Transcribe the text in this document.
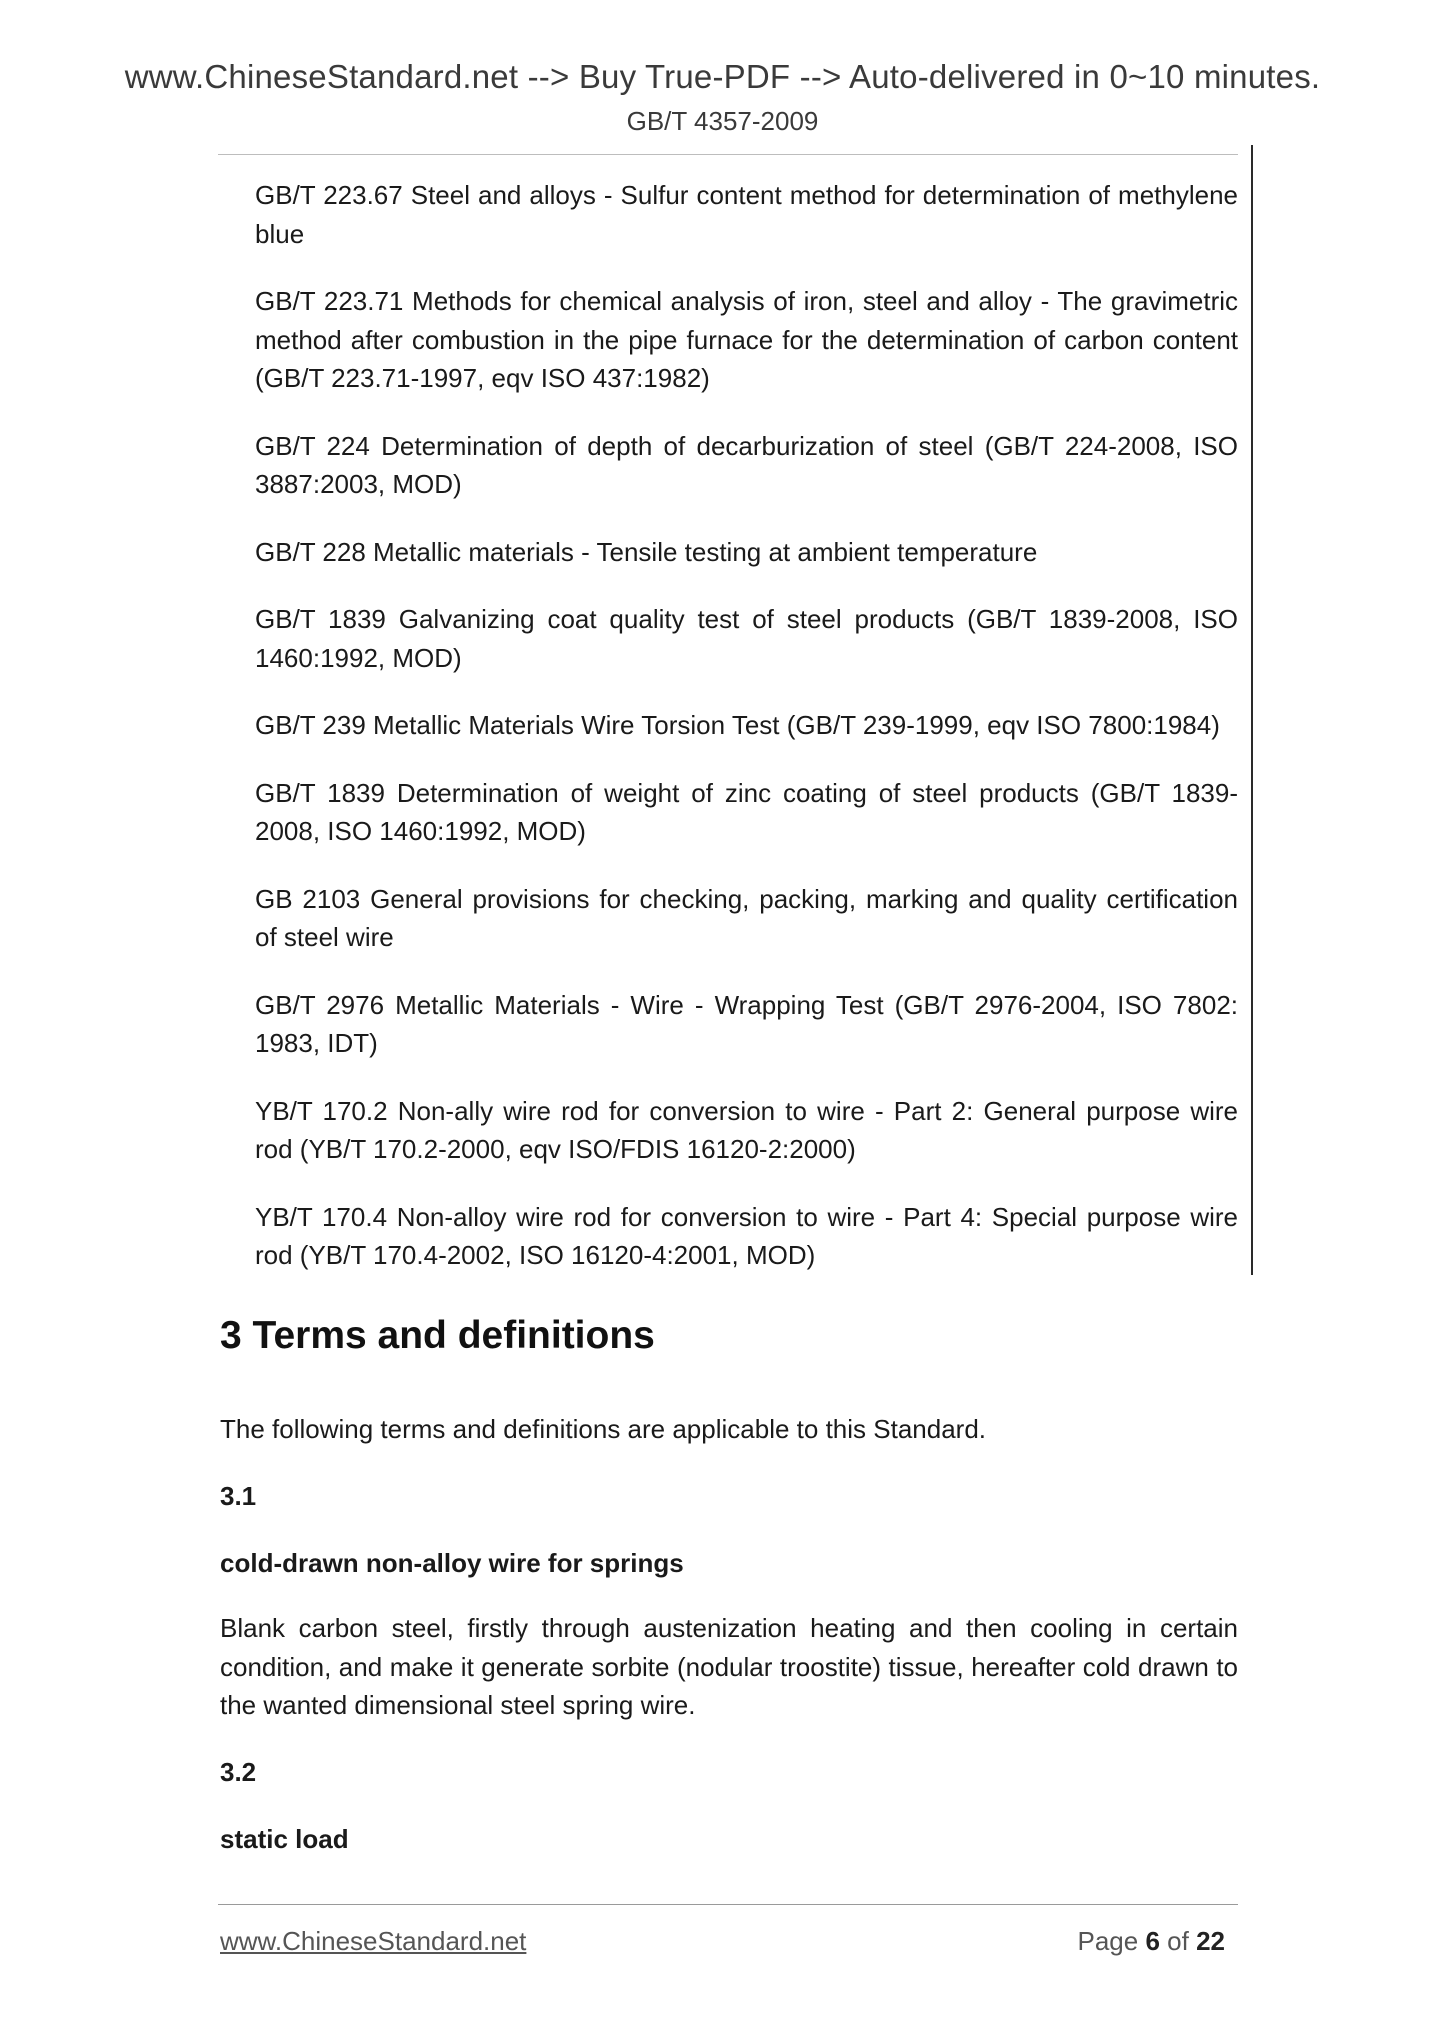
www.ChineseStandard.net --> Buy True-PDF --> Auto-delivered in 0~10 minutes.
GB/T 4357-2009

GB/T 223.67 Steel and alloys - Sulfur content method for determination of methylene blue

GB/T 223.71 Methods for chemical analysis of iron, steel and alloy - The gravimetric method after combustion in the pipe furnace for the determination of carbon content (GB/T 223.71-1997, eqv ISO 437:1982)

GB/T 224 Determination of depth of decarburization of steel (GB/T 224-2008, ISO 3887:2003, MOD)

GB/T 228 Metallic materials - Tensile testing at ambient temperature

GB/T 1839 Galvanizing coat quality test of steel products (GB/T 1839-2008, ISO 1460:1992, MOD)

GB/T 239 Metallic Materials Wire Torsion Test (GB/T 239-1999, eqv ISO 7800:1984)

GB/T 1839 Determination of weight of zinc coating of steel products (GB/T 1839-2008, ISO 1460:1992, MOD)

GB 2103 General provisions for checking, packing, marking and quality certification of steel wire

GB/T 2976 Metallic Materials - Wire - Wrapping Test (GB/T 2976-2004, ISO 7802: 1983, IDT)

YB/T 170.2 Non-ally wire rod for conversion to wire - Part 2: General purpose wire rod (YB/T 170.2-2000, eqv ISO/FDIS 16120-2:2000)

YB/T 170.4 Non-alloy wire rod for conversion to wire - Part 4: Special purpose wire rod (YB/T 170.4-2002, ISO 16120-4:2001, MOD)

3 Terms and definitions
The following terms and definitions are applicable to this Standard.
3.1
cold-drawn non-alloy wire for springs
Blank carbon steel, firstly through austenization heating and then cooling in certain condition, and make it generate sorbite (nodular troostite) tissue, hereafter cold drawn to the wanted dimensional steel spring wire.
3.2
static load
www.ChineseStandard.net	Page 6 of 22
